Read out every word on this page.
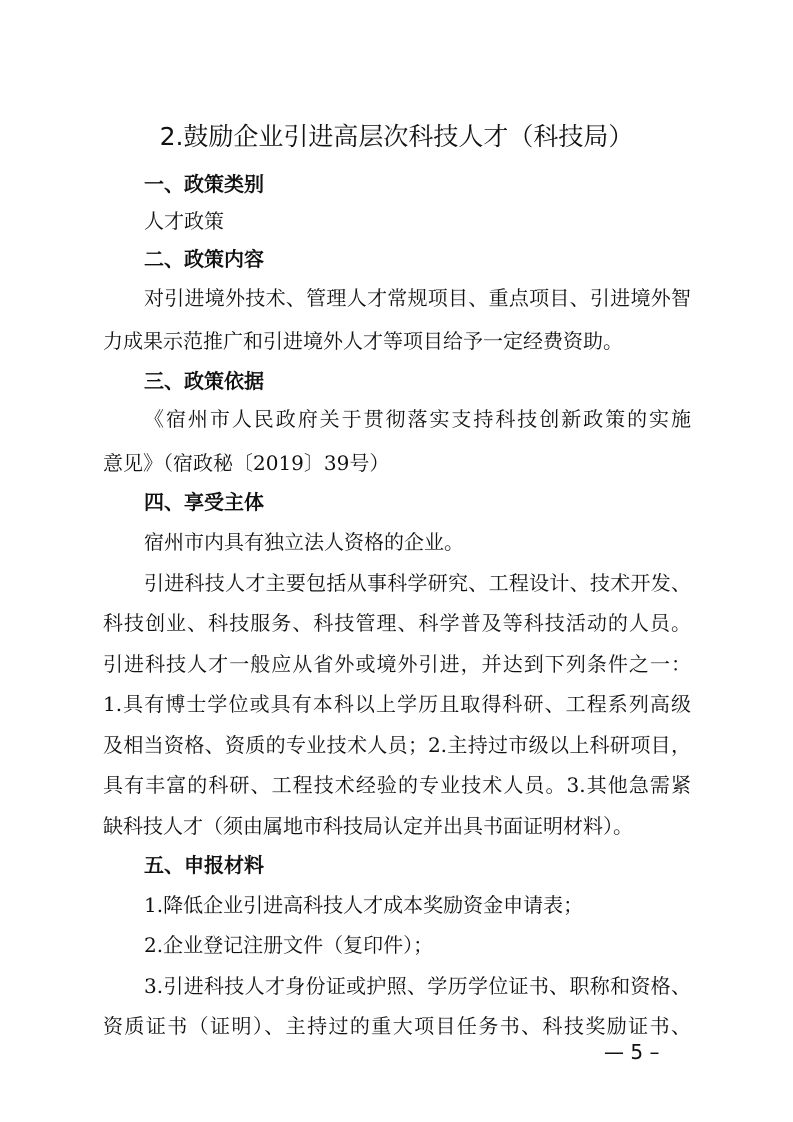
2.鼓励企业引进高层次科技人才（科技局）
一、政策类别
人才政策
二、政策内容
对引进境外技术、管理人才常规项目、重点项目、引进境外智
力成果示范推广和引进境外人才等项目给予一定经费资助。
三、政策依据
《宿州市人民政府关于贯彻落实支持科技创新政策的实施
意见》（宿政秘〔2019〕39号）
四、享受主体
宿州市内具有独立法人资格的企业。
引进科技人才主要包括从事科学研究、工程设计、技术开发、
科技创业、科技服务、科技管理、科学普及等科技活动的人员。
引进科技人才一般应从省外或境外引进，并达到下列条件之一：
1.具有博士学位或具有本科以上学历且取得科研、工程系列高级
及相当资格、资质的专业技术人员；2.主持过市级以上科研项目，
具有丰富的科研、工程技术经验的专业技术人员。3.其他急需紧
缺科技人才（须由属地市科技局认定并出具书面证明材料）。
五、申报材料
1.降低企业引进高科技人才成本奖励资金申请表；
2.企业登记注册文件（复印件）；
3.引进科技人才身份证或护照、学历学位证书、职称和资格、
资质证书（证明）、主持过的重大项目任务书、科技奖励证书、
— 5 –
